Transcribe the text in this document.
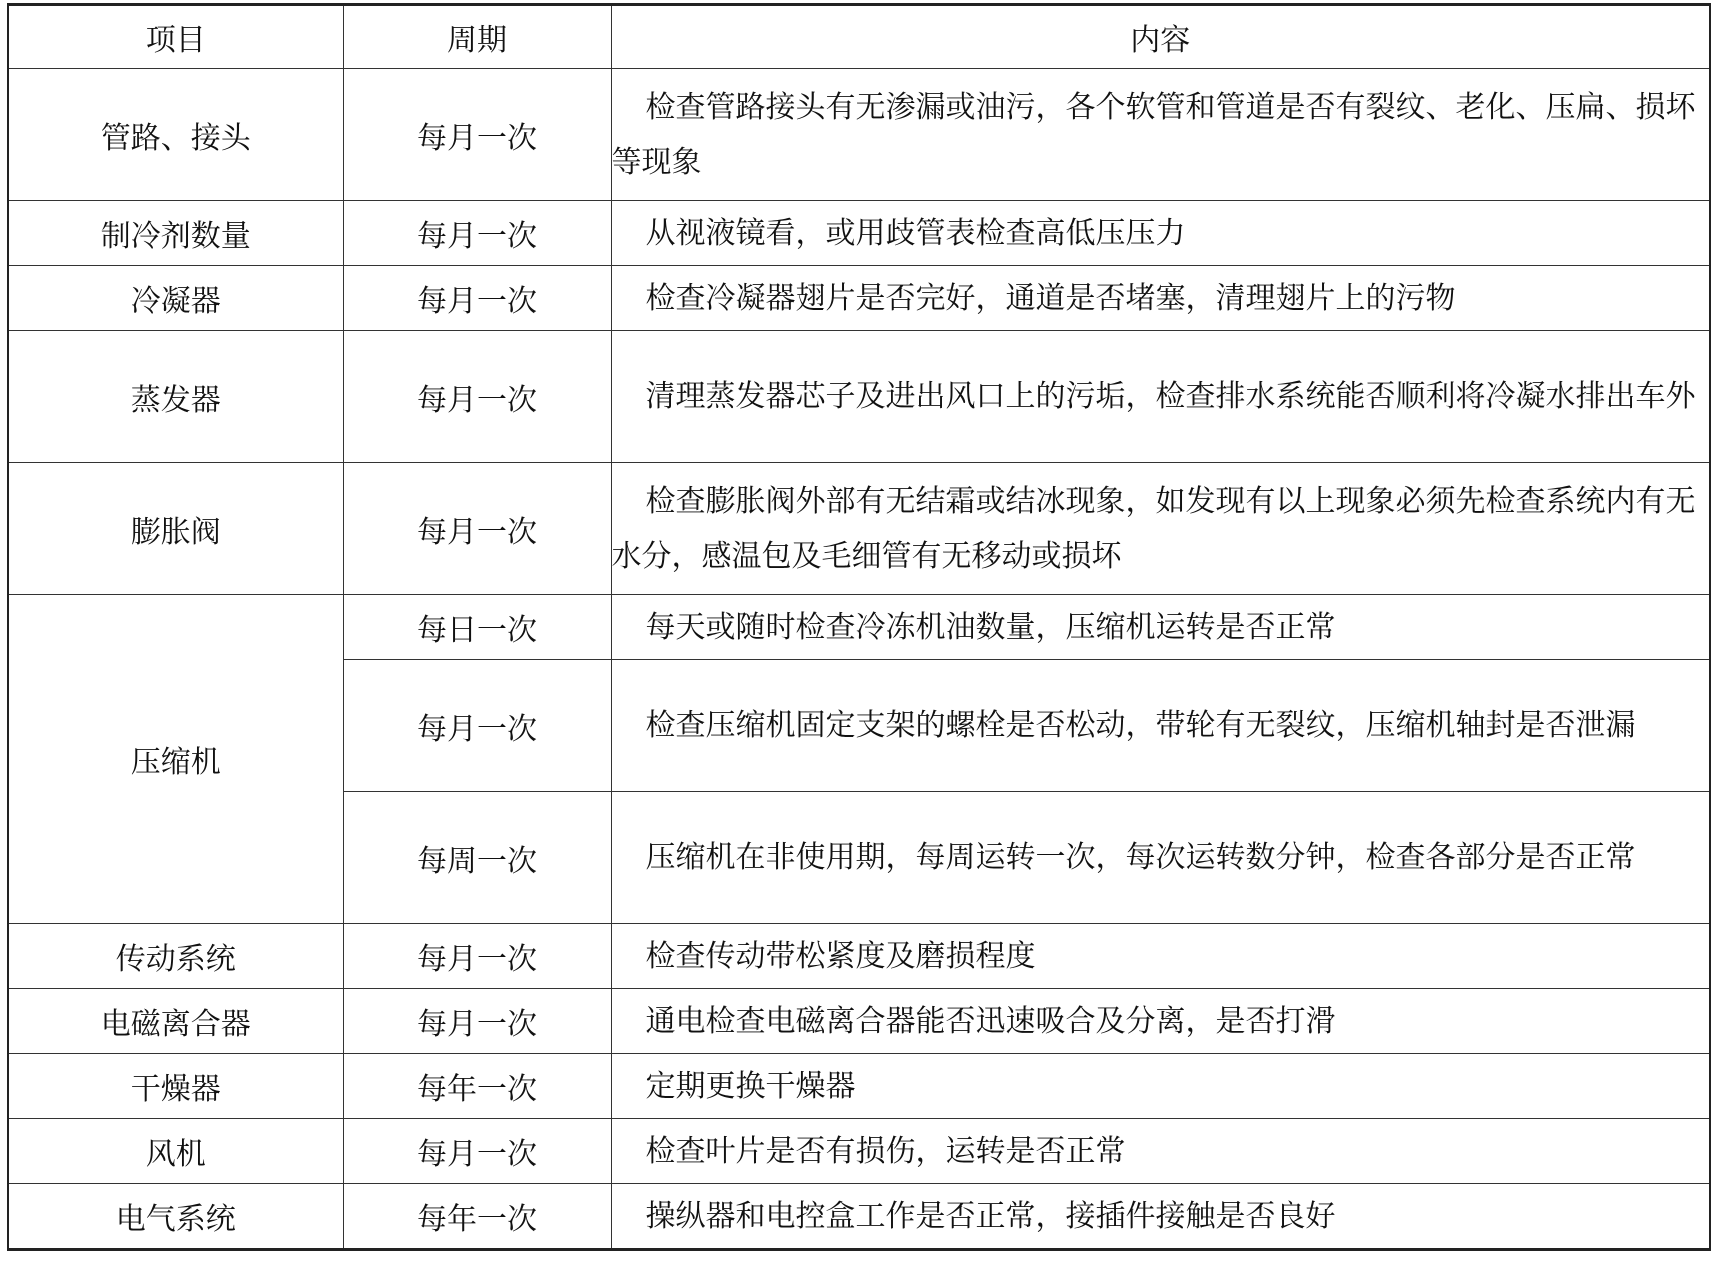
项目	周期	内容
管路、接头	每月一次	检查管路接头有无渗漏或油污，各个软管和管道是否有裂纹、老化、压扁、损坏等现象
制冷剂数量	每月一次	从视液镜看，或用歧管表检查高低压压力
冷凝器	每月一次	检查冷凝器翅片是否完好，通道是否堵塞，清理翅片上的污物
蒸发器	每月一次	清理蒸发器芯子及进出风口上的污垢，检查排水系统能否顺利将冷凝水排出车外
膨胀阀	每月一次	检查膨胀阀外部有无结霜或结冰现象，如发现有以上现象必须先检查系统内有无水分，感温包及毛细管有无移动或损坏
压缩机	每日一次	每天或随时检查冷冻机油数量，压缩机运转是否正常
	每月一次	检查压缩机固定支架的螺栓是否松动，带轮有无裂纹，压缩机轴封是否泄漏
	每周一次	压缩机在非使用期，每周运转一次，每次运转数分钟，检查各部分是否正常
传动系统	每月一次	检查传动带松紧度及磨损程度
电磁离合器	每月一次	通电检查电磁离合器能否迅速吸合及分离，是否打滑
干燥器	每年一次	定期更换干燥器
风机	每月一次	检查叶片是否有损伤，运转是否正常
电气系统	每年一次	操纵器和电控盒工作是否正常，接插件接触是否良好
